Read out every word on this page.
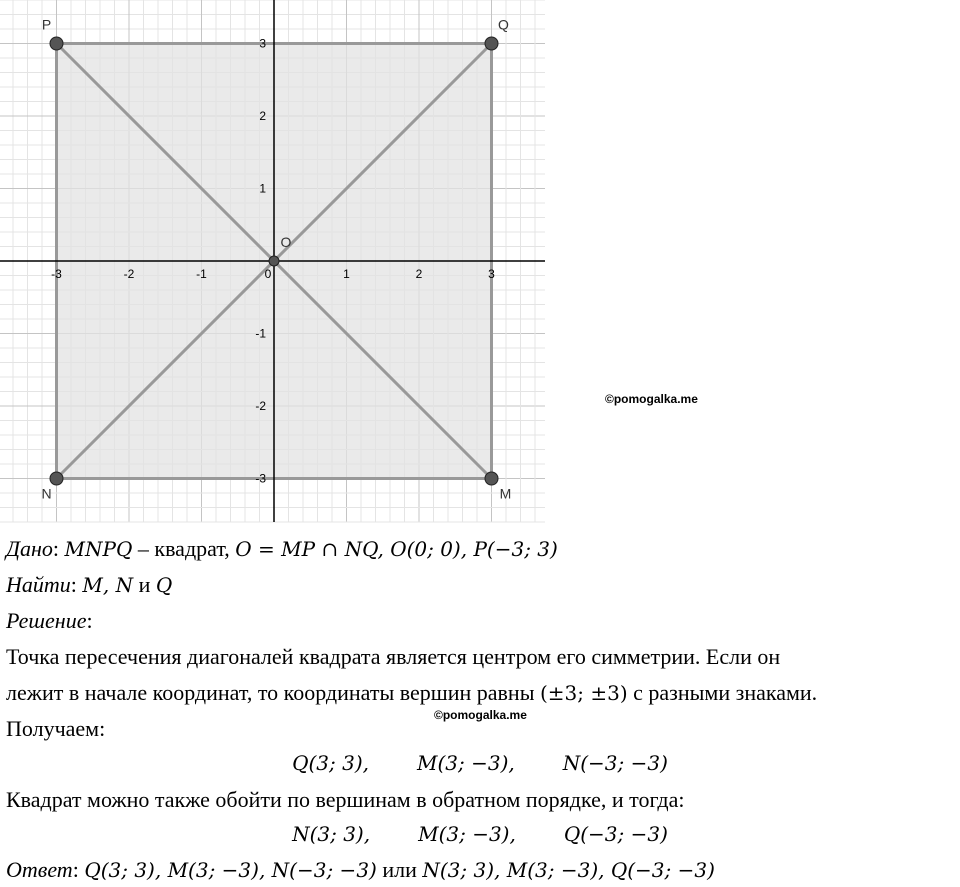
-3	-2	-1	0	1	2	3
3
2
1
-1
-2
-3
P	Q
O
N	M
©pomogalka.me
©pomogalka.me
Дано: MNPQ – квадрат, O = MP ∩ NQ, O(0; 0), P(−3; 3)
Найти: M, N и Q
Решение:
Точка пересечения диагоналей квадрата является центром его симметрии. Если он
лежит в начале координат, то координаты вершин равны (±3; ±3) с разными знаками.
Получаем:
Q(3; 3), M(3; −3), N(−3; −3)
Квадрат можно также обойти по вершинам в обратном порядке, и тогда:
N(3; 3), M(3; −3), Q(−3; −3)
Ответ: Q(3; 3), M(3; −3), N(−3; −3) или N(3; 3), M(3; −3), Q(−3; −3)
